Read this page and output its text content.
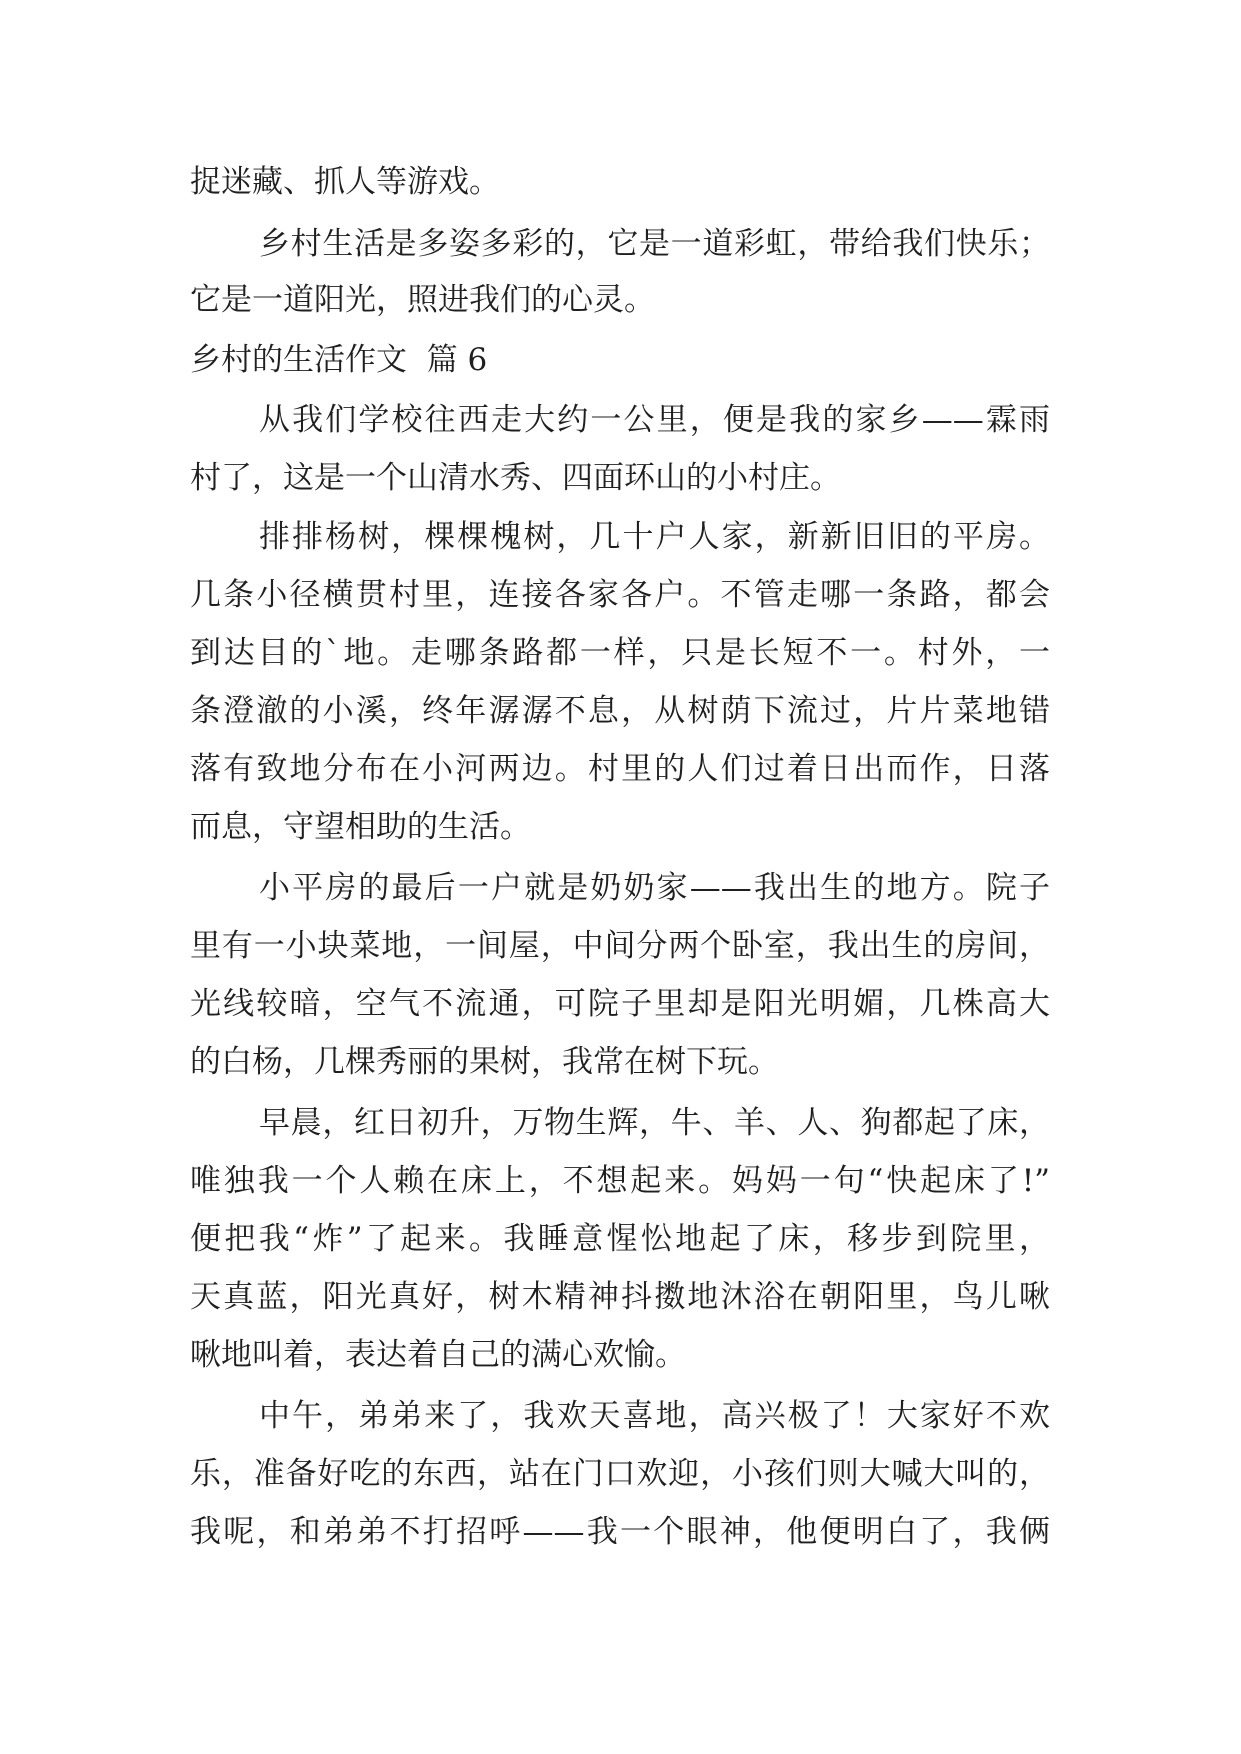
捉迷藏、抓人等游戏。
乡村生活是多姿多彩的，它是一道彩虹，带给我们快乐；
它是一道阳光，照进我们的心灵。
乡村的生活作文  篇 6
从我们学校往西走大约一公里，便是我的家乡——霖雨
村了，这是一个山清水秀、四面环山的小村庄。
排排杨树，棵棵槐树，几十户人家，新新旧旧的平房。
几条小径横贯村里，连接各家各户。不管走哪一条路，都会
到达目的`地。走哪条路都一样，只是长短不一。村外，一
条澄澈的小溪，终年潺潺不息，从树荫下流过，片片菜地错
落有致地分布在小河两边。村里的人们过着日出而作，日落
而息，守望相助的生活。
小平房的最后一户就是奶奶家——我出生的地方。院子
里有一小块菜地，一间屋，中间分两个卧室，我出生的房间，
光线较暗，空气不流通，可院子里却是阳光明媚，几株高大
的白杨，几棵秀丽的果树，我常在树下玩。
早晨，红日初升，万物生辉，牛、羊、人、狗都起了床，
唯独我一个人赖在床上，不想起来。妈妈一句“快起床了!”
便把我“炸”了起来。我睡意惺忪地起了床，移步到院里，
天真蓝，阳光真好，树木精神抖擞地沐浴在朝阳里，鸟儿啾
啾地叫着，表达着自己的满心欢愉。
中午，弟弟来了，我欢天喜地，高兴极了！大家好不欢
乐，准备好吃的东西，站在门口欢迎，小孩们则大喊大叫的，
我呢，和弟弟不打招呼——我一个眼神，他便明白了，我俩
